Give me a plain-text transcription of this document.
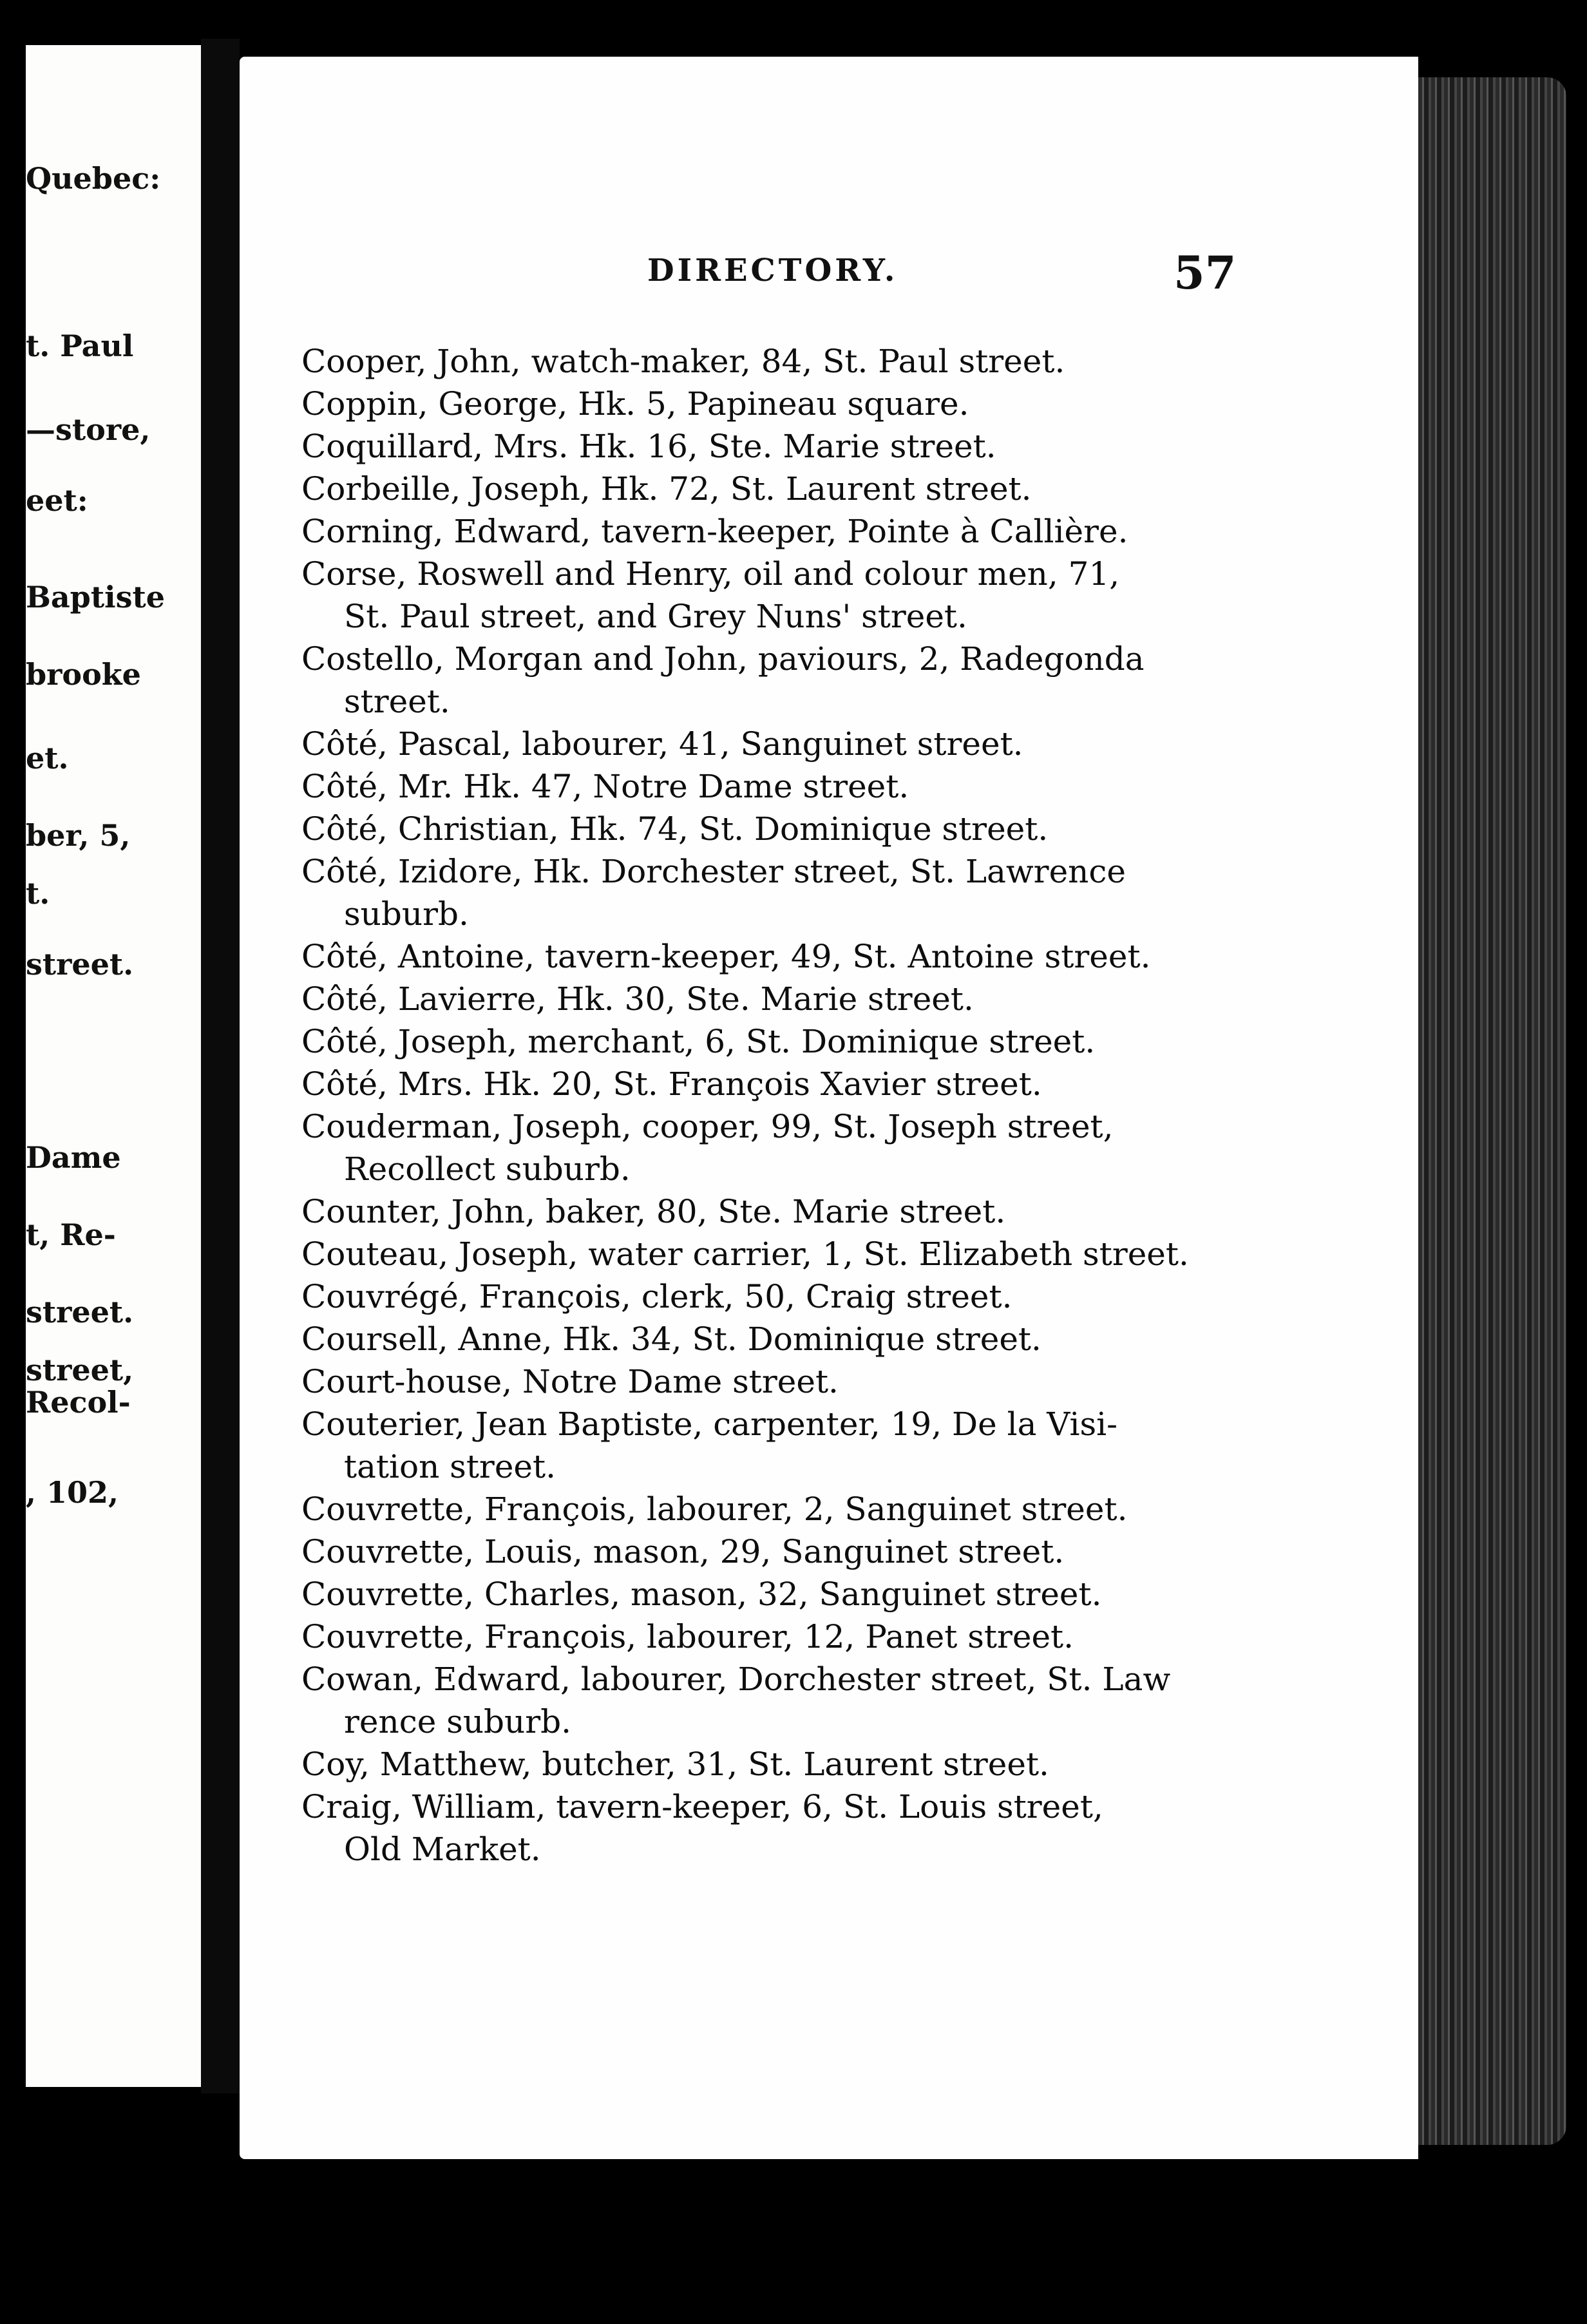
Quebec:
t. Paul
—store,
eet:
Baptiste
brooke
et.
ber, 5,
t.
street.
Dame
t, Re-
street.
street,
Recol-
, 102,
DIRECTORY.	57
Cooper, John, watch-maker, 84, St. Paul street.
Coppin, George, Hk. 5, Papineau square.
Coquillard, Mrs. Hk. 16, Ste. Marie street.
Corbeille, Joseph, Hk. 72, St. Laurent street.
Corning, Edward, tavern-keeper, Pointe à Callière.
Corse, Roswell and Henry, oil and colour men, 71,
St. Paul street, and Grey Nuns' street.
Costello, Morgan and John, paviours, 2, Radegonda
street.
Côté, Pascal, labourer, 41, Sanguinet street.
Côté, Mr. Hk. 47, Notre Dame street.
Côté, Christian, Hk. 74, St. Dominique street.
Côté, Izidore, Hk. Dorchester street, St. Lawrence
suburb.
Côté, Antoine, tavern-keeper, 49, St. Antoine street.
Côté, Lavierre, Hk. 30, Ste. Marie street.
Côté, Joseph, merchant, 6, St. Dominique street.
Côté, Mrs. Hk. 20, St. François Xavier street.
Couderman, Joseph, cooper, 99, St. Joseph street,
Recollect suburb.
Counter, John, baker, 80, Ste. Marie street.
Couteau, Joseph, water carrier, 1, St. Elizabeth street.
Couvrégé, François, clerk, 50, Craig street.
Coursell, Anne, Hk. 34, St. Dominique street.
Court-house, Notre Dame street.
Couterier, Jean Baptiste, carpenter, 19, De la Visi-
tation street.
Couvrette, François, labourer, 2, Sanguinet street.
Couvrette, Louis, mason, 29, Sanguinet street.
Couvrette, Charles, mason, 32, Sanguinet street.
Couvrette, François, labourer, 12, Panet street.
Cowan, Edward, labourer, Dorchester street, St. Law
rence suburb.
Coy, Matthew, butcher, 31, St. Laurent street.
Craig, William, tavern-keeper, 6, St. Louis street,
Old Market.
